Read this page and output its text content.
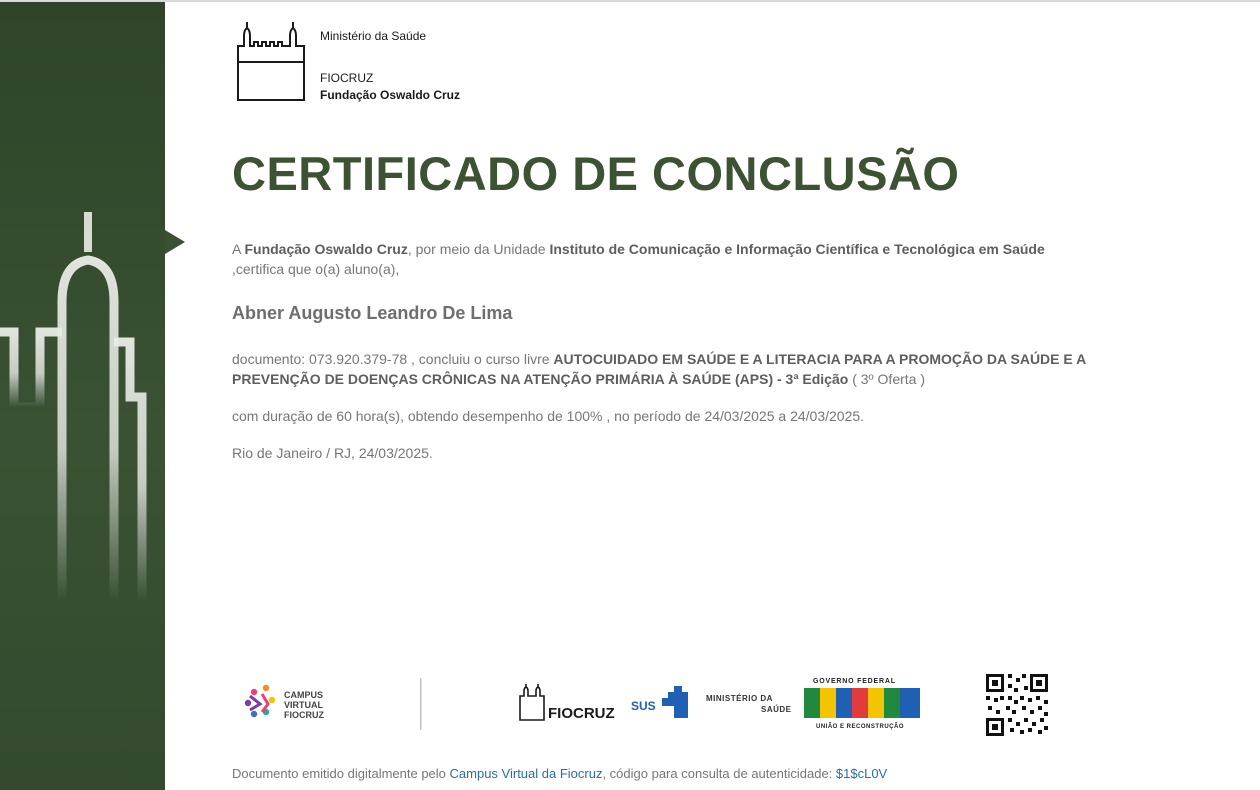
Ministério da Saúde
FIOCRUZ
Fundação Oswaldo Cruz
CERTIFICADO DE CONCLUSÃO
A Fundação Oswaldo Cruz, por meio da Unidade Instituto de Comunicação e Informação Científica e Tecnológica em Saúde ,certifica que o(a) aluno(a),
Abner Augusto Leandro De Lima
documento: 073.920.379-78 , concluiu o curso livre AUTOCUIDADO EM SAÚDE E A LITERACIA PARA A PROMOÇÃO DA SAÚDE E A PREVENÇÃO DE DOENÇAS CRÔNICAS NA ATENÇÃO PRIMÁRIA À SAÚDE (APS) - 3ª Edição ( 3º Oferta )
com duração de 60 hora(s), obtendo desempenho de 100% , no período de 24/03/2025 a 24/03/2025.
Rio de Janeiro / RJ, 24/03/2025.
CAMPUS
VIRTUAL
FIOCRUZ	FIOCRUZ SUS
MINISTÉRIO DA
SAÚDE
GOVERNO FEDERAL
UNIÃO E RECONSTRUÇÃO
Documento emitido digitalmente pelo Campus Virtual da Fiocruz, código para consulta de autenticidade: $1$cL0V
